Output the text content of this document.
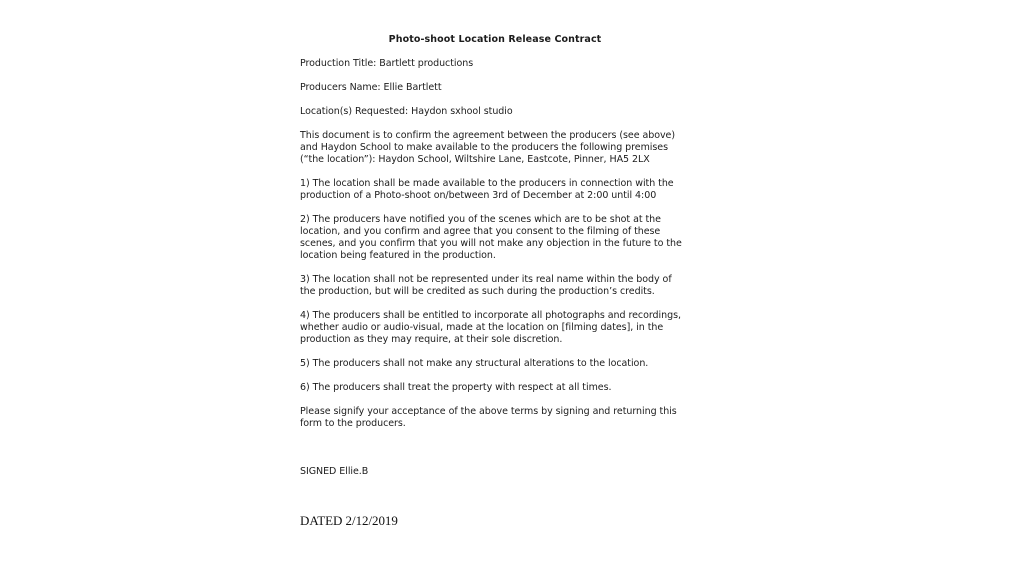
Photo-shoot Location Release Contract

Production Title: Bartlett productions

Producers Name: Ellie Bartlett

Location(s) Requested: Haydon sxhool studio

This document is to confirm the agreement between the producers (see above)
and Haydon School to make available to the producers the following premises
(“the location”): Haydon School, Wiltshire Lane, Eastcote, Pinner, HA5 2LX

1) The location shall be made available to the producers in connection with the
production of a Photo-shoot on/between 3rd of December at 2:00 until 4:00

2) The producers have notified you of the scenes which are to be shot at the
location, and you confirm and agree that you consent to the filming of these
scenes, and you confirm that you will not make any objection in the future to the
location being featured in the production.

3) The location shall not be represented under its real name within the body of
the production, but will be credited as such during the production’s credits.

4) The producers shall be entitled to incorporate all photographs and recordings,
whether audio or audio-visual, made at the location on [filming dates], in the
production as they may require, at their sole discretion.

5) The producers shall not make any structural alterations to the location.

6) The producers shall treat the property with respect at all times.

Please signify your acceptance of the above terms by signing and returning this
form to the producers.

SIGNED Ellie.B

DATED 2/12/2019
